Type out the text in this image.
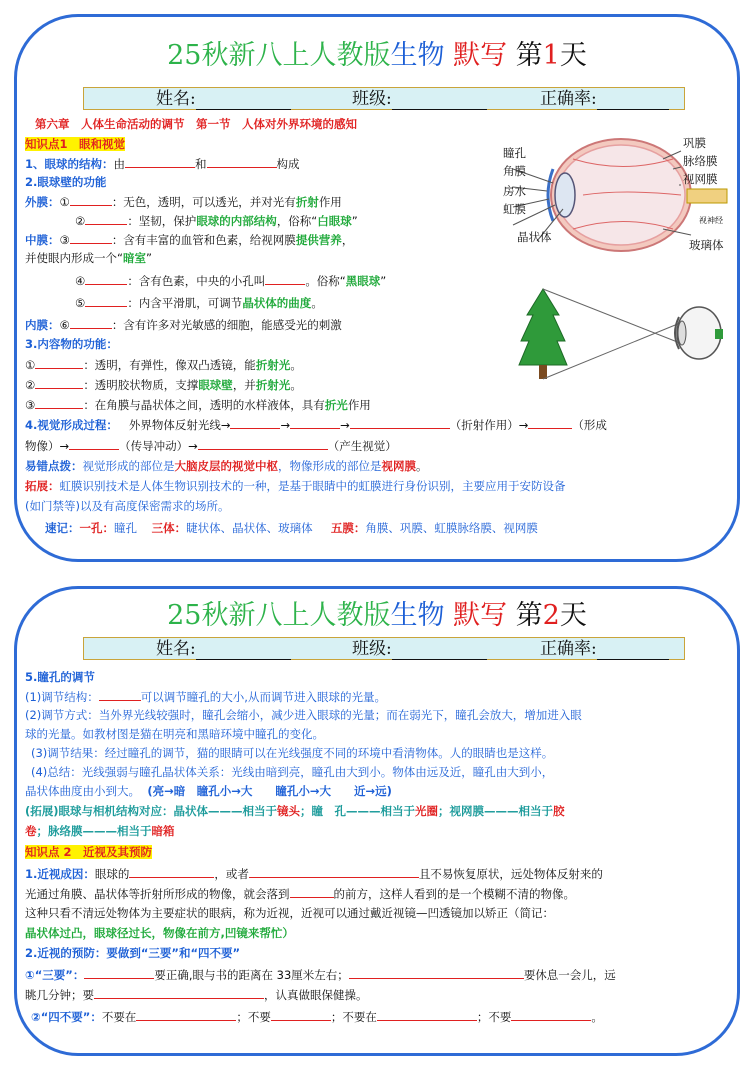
25秋新八上人教版生物 默写 第1天
姓名:	班级:	正确率:
第六章　人体生命活动的调节　第一节　人体对外界环境的感知
知识点1　眼和视觉
1、眼球的结构：由	和	构成
2.眼球壁的功能
外膜：①	：无色，透明，可以透光，并对光有折射作用
②	：坚韧，保护眼球的内部结构，俗称“白眼球”
中膜：③	：含有丰富的血管和色素，给视网膜提供营养，
并使眼内形成一个“暗室”
④	：含有色素，中央的小孔叫	。俗称“黑眼球”
⑤	：内含平滑肌，可调节晶状体的曲度。
内膜：⑥	：含有许多对光敏感的细胞，能感受光的刺激
3.内容物的功能：
①	：透明，有弹性，像双凸透镜，能折射光。
②	：透明胶状物质，支撑眼球壁，并折射光。
③	：在角膜与晶状体之间，透明的水样液体，具有折光作用
4.视觉形成过程： 外界物体反射光线→	→	→	（折射作用）→	（形成
物像）→	（传导冲动）→	（产生视觉）
易错点拨：视觉形成的部位是大脑皮层的视觉中枢，物像形成的部位是视网膜。
拓展：虹膜识别技术是人体生物识别技术的一种，是基于眼睛中的虹膜进行身份识别，主要应用于安防设备
(如门禁等)以及有高度保密需求的场所。
速记：一孔：瞳孔 三体：睫状体、晶状体、玻璃体 五膜：角膜、巩膜、虹膜脉络膜、视网膜
瞳孔
角膜
房水
虹膜
晶状体
巩膜
脉络膜
视网膜
视神经
玻璃体
25秋新八上人教版生物 默写 第2天
姓名:	班级:	正确率:
5.瞳孔的调节
(1)调节结构：	可以调节瞳孔的大小,从而调节进入眼球的光量。
(2)调节方式：当外界光线较强时，瞳孔会缩小，减少进入眼球的光量；而在弱光下，瞳孔会放大，增加进入眼
球的光量。如教材图是猫在明亮和黑暗环境中瞳孔的变化。
(3)调节结果：经过瞳孔的调节，猫的眼睛可以在光线强度不同的环境中看清物体。人的眼睛也是这样。
(4)总结：光线强弱与瞳孔晶状体关系：光线由暗到亮，瞳孔由大到小。物体由远及近，瞳孔由大到小，
晶状体曲度由小到大。 (亮→暗　瞳孔小→大　　瞳孔小→大　　近→远)
(拓展)眼球与相机结构对应：晶状体———相当于镜头；瞳　孔———相当于光圈；视网膜———相当于胶
卷；脉络膜———相当于暗箱
知识点 2　近视及其预防
1.近视成因：眼球的	，或者	且不易恢复原状，远处物体反射来的
光通过角膜、晶状体等折射所形成的物像，就会落到	的前方，这样人看到的是一个模糊不清的物像。
这种只看不清远处物体为主要症状的眼病，称为近视，近视可以通过戴近视镜—凹透镜加以矫正（简记：
晶状体过凸，眼球径过长，物像在前方,凹镜来帮忙）
2.近视的预防：要做到“三要”和“四不要”
①“三要”：	要正确,眼与书的距离在 33厘米左右；	要休息一会儿，远
眺几分钟；要	，认真做眼保健操。
②“四不要”：不要在	；不要	；不要在	；不要	。
